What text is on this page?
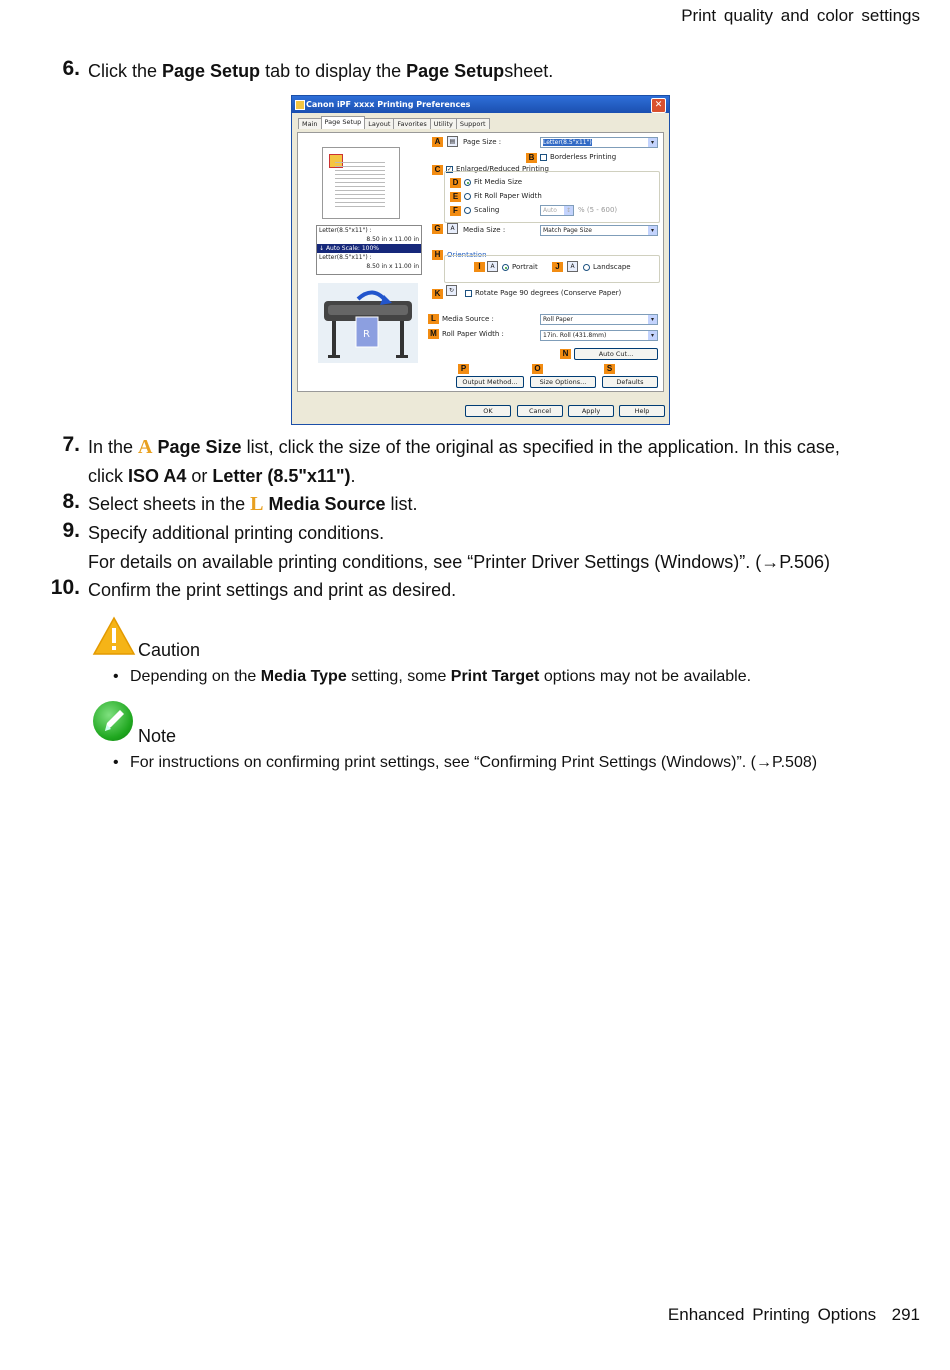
Print quality and color settings
6. Click the Page Setup tab to display the Page Setupsheet.
Canon iPF xxxx Printing Preferences	✕
Main Page Setup Layout Favorites Utility Support
Letter(8.5"x11") :
8.50 in x 11.00 in
↓ Auto Scale: 100%
Letter(8.5"x11") :
8.50 in x 11.00 in
R
A	▤	Page Size :	Letter(8.5"x11")	▾
B	Borderless Printing
C	✓ Enlarged/Reduced Printing
D	Fit Media Size
E	Fit Roll Paper Width
F	Scaling	Auto	↕ % (5 - 600)
G	A	Media Size :	Match Page Size	▾
H Orientation
I	A	Portrait	J	A	Landscape
K	↻	Rotate Page 90 degrees (Conserve Paper)
L Media Source :	Roll Paper	▾
M Roll Paper Width :	17in. Roll (431.8mm)	▾
N	Auto Cut...
P	O	S
Output Method...	Size Options...	Defaults
OK	Cancel	Apply	Help
7. In the A Page Size list, click the size of the original as specified in the application. In this case,
click ISO A4 or Letter (8.5"x11").
8. Select sheets in the L Media Source list.
9. Specify additional printing conditions.
For details on available printing conditions, see “Printer Driver Settings (Windows)”. (→P.506)
10. Confirm the print settings and print as desired.
Caution
• Depending on the Media Type setting, some Print Target options may not be available.
Note
• For instructions on confirming print settings, see “Confirming Print Settings (Windows)”. (→P.508)
Enhanced Printing Options 291
